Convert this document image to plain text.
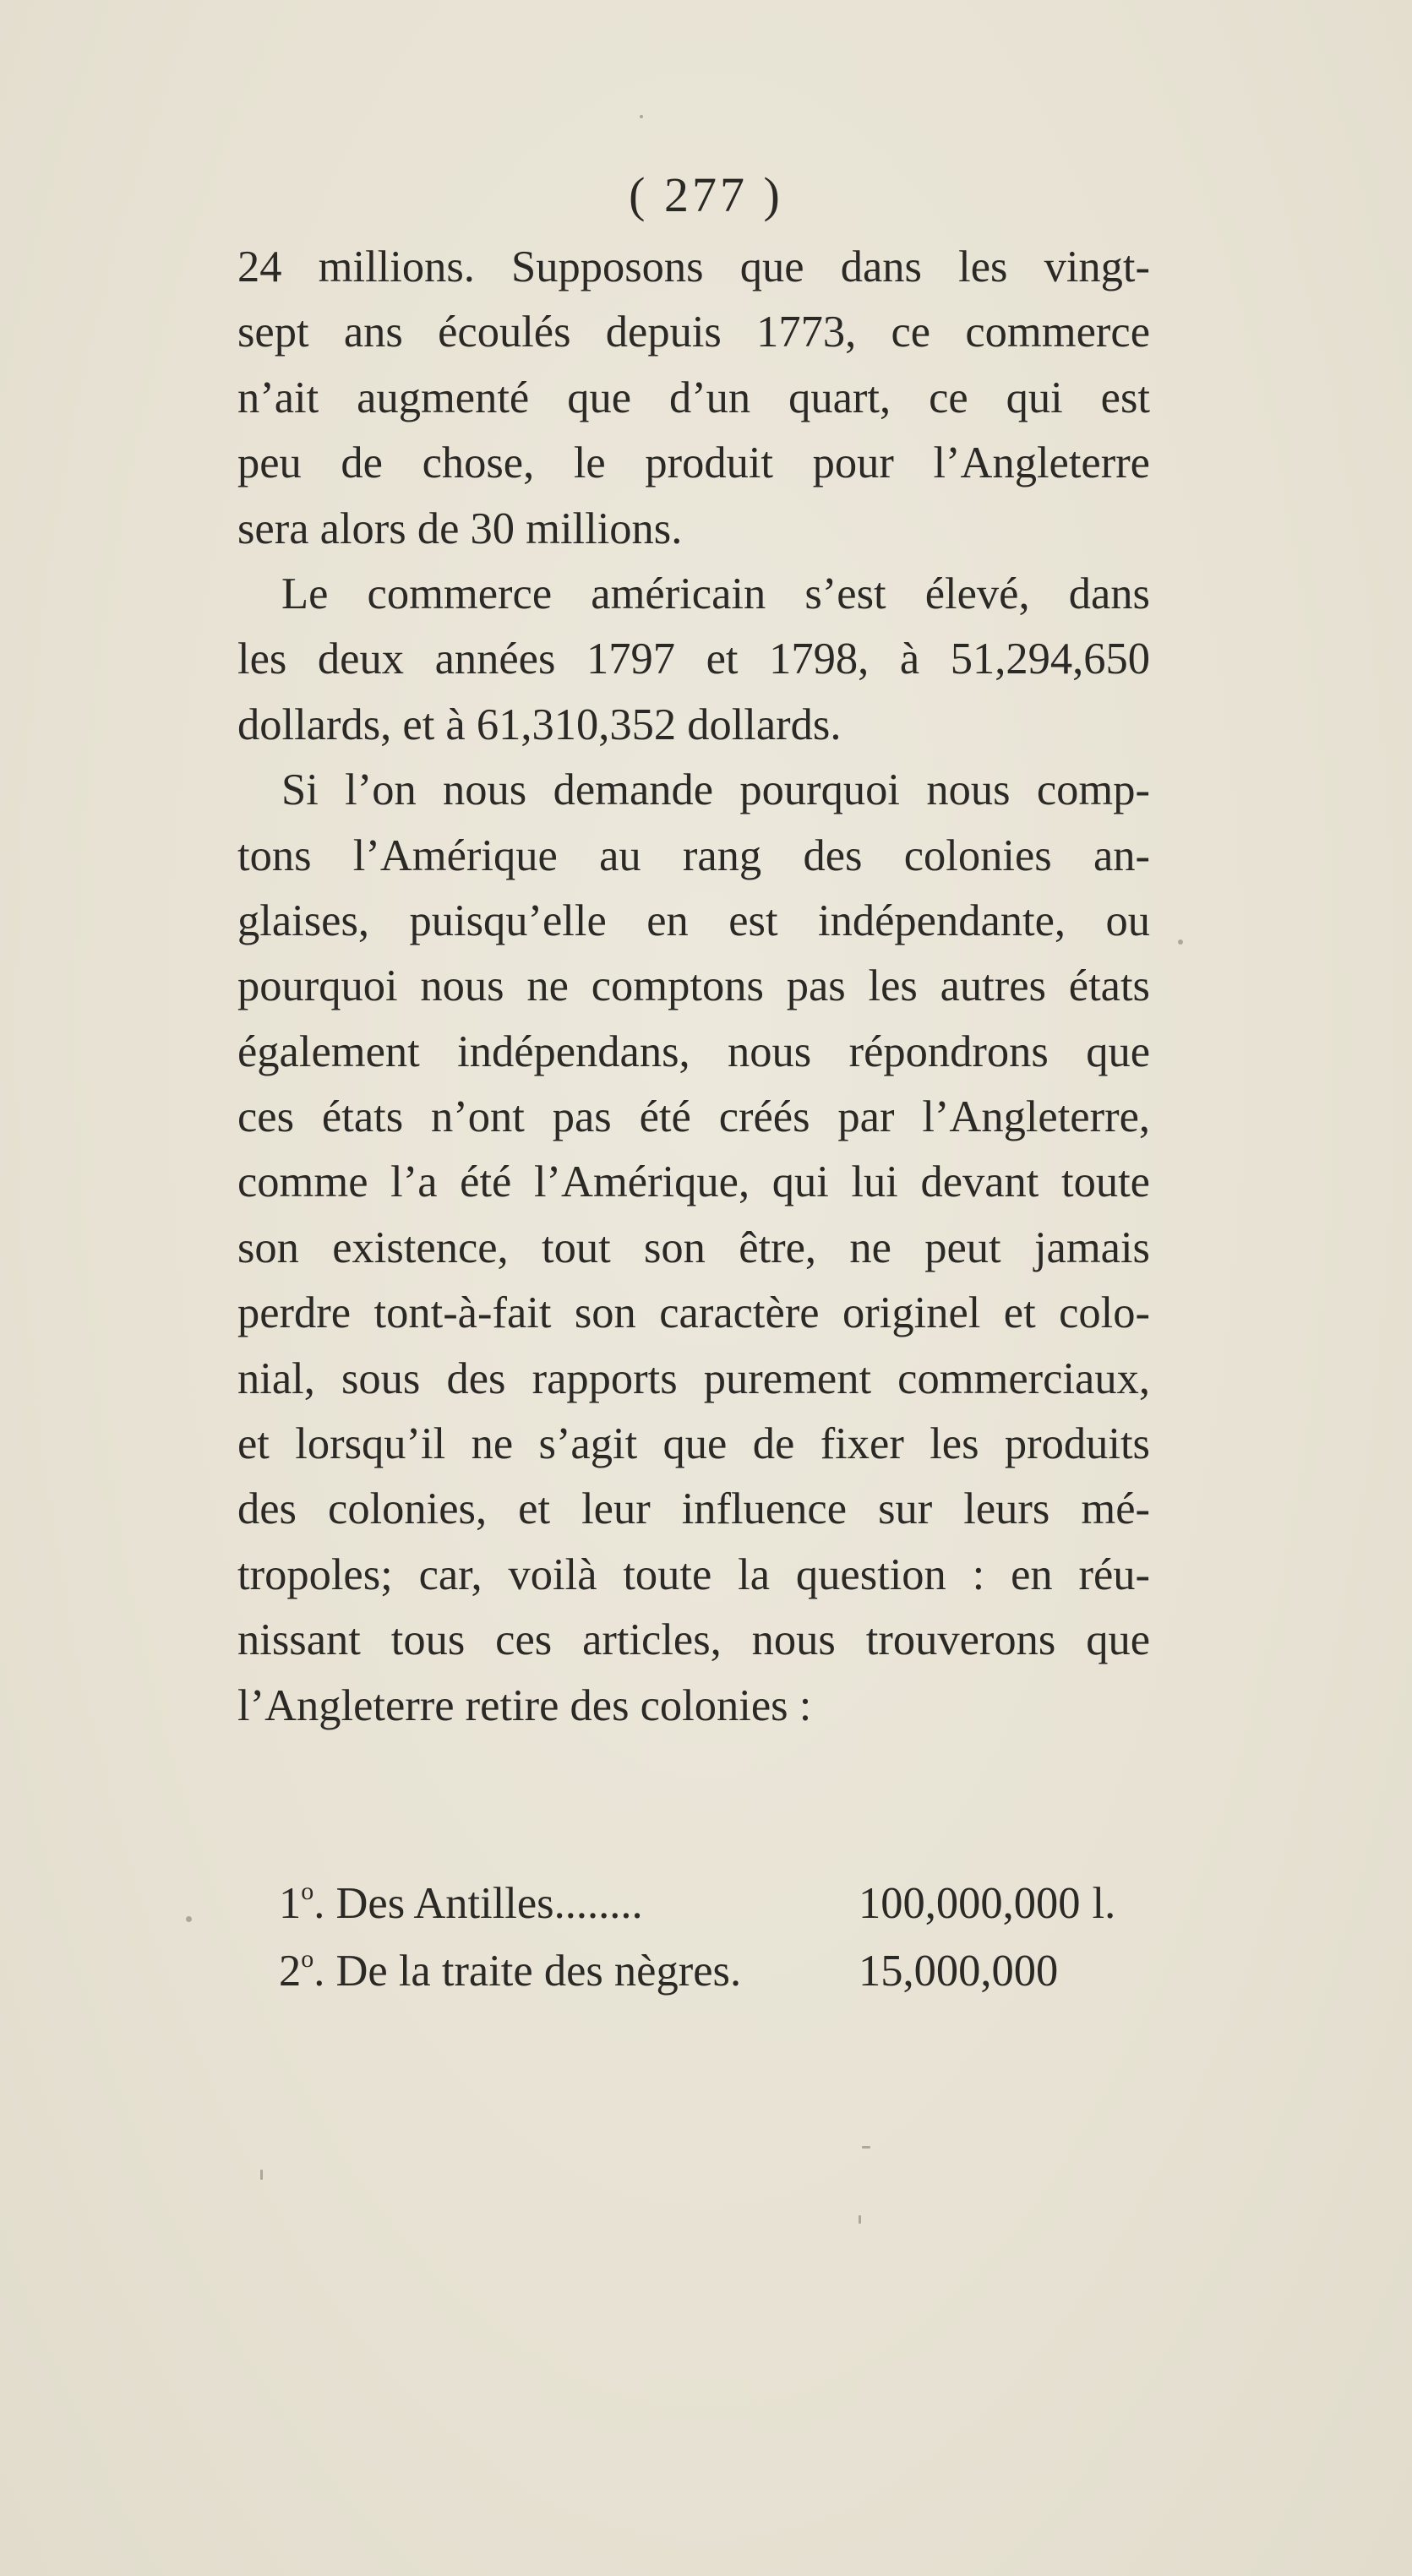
( 277 )
24 millions. Supposons que dans les vingt-
sept ans écoulés depuis 1773, ce commerce
n’ait augmenté que d’un quart, ce qui est
peu de chose, le produit pour l’Angleterre
sera alors de 30 millions.
Le commerce américain s’est élevé, dans
les deux années 1797 et 1798, à 51,294,650
dollards, et à 61,310,352 dollards.
Si l’on nous demande pourquoi nous comp-
tons l’Amérique au rang des colonies an-
glaises, puisqu’elle en est indépendante, ou
pourquoi nous ne comptons pas les autres états
également indépendans, nous répondrons que
ces états n’ont pas été créés par l’Angleterre,
comme l’a été l’Amérique, qui lui devant toute
son existence, tout son être, ne peut jamais
perdre tont-à-fait son caractère originel et colo-
nial, sous des rapports purement commerciaux,
et lorsqu’il ne s’agit que de fixer les produits
des colonies, et leur influence sur leurs mé-
tropoles; car, voilà toute la question : en réu-
nissant tous ces articles, nous trouverons que
l’Angleterre retire des colonies :
1$^o$. Des Antilles........	100,000,000 l.
2$^o$. De la traite des nègres.	15,000,000
